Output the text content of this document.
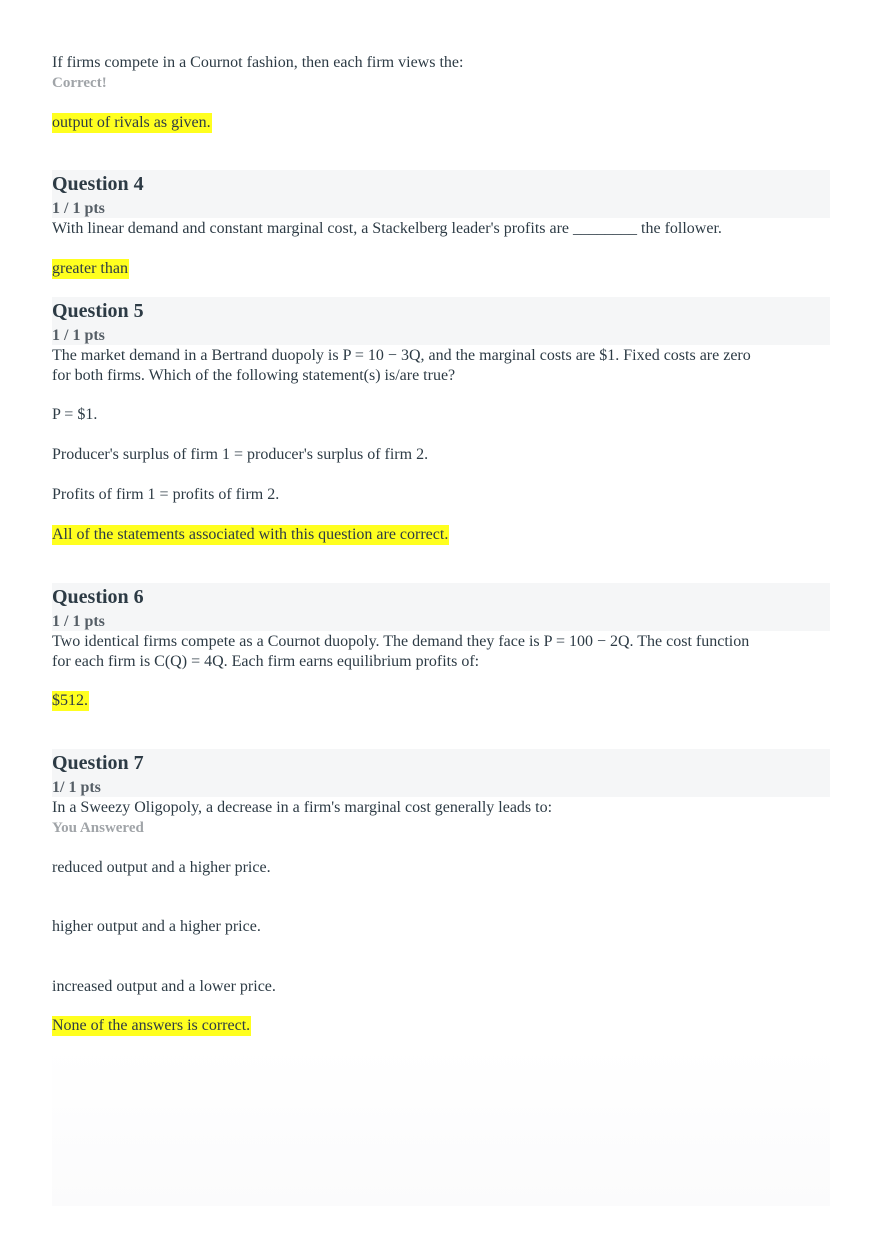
If firms compete in a Cournot fashion, then each firm views the:

Correct!

output of rivals as given.

Question 4
1 / 1 pts

With linear demand and constant marginal cost, a Stackelberg leader's profits are ________ the follower.

greater than

Question 5
1 / 1 pts

The market demand in a Bertrand duopoly is P = 10 − 3Q, and the marginal costs are $1. Fixed costs are zero

for both firms. Which of the following statement(s) is/are true?

P = $1.

Producer's surplus of firm 1 = producer's surplus of firm 2.

Profits of firm 1 = profits of firm 2.

All of the statements associated with this question are correct.

Question 6
1 / 1 pts

Two identical firms compete as a Cournot duopoly. The demand they face is P = 100 − 2Q. The cost function

for each firm is C(Q) = 4Q. Each firm earns equilibrium profits of:

$512.

Question 7
1/ 1 pts

In a Sweezy Oligopoly, a decrease in a firm's marginal cost generally leads to:

You Answered

reduced output and a higher price.

higher output and a higher price.

increased output and a lower price.

None of the answers is correct.
